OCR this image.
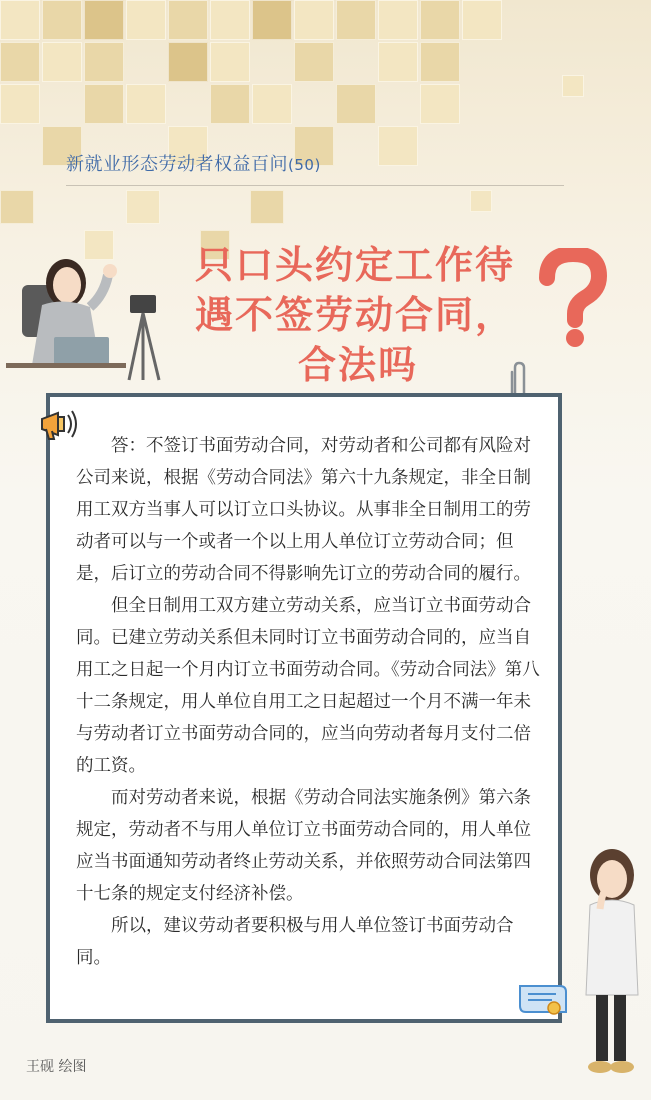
新就业形态劳动者权益百问(50)
只口头约定工作待
遇不签劳动合同，
合法吗

答：不签订书面劳动合同，对劳动者和公司都有风险对公司来说，根据《劳动合同法》第六十九条规定，非全日制用工双方当事人可以订立口头协议。从事非全日制用工的劳动者可以与一个或者一个以上用人单位订立劳动合同；但是，后订立的劳动合同不得影响先订立的劳动合同的履行。

但全日制用工双方建立劳动关系，应当订立书面劳动合同。已建立劳动关系但未同时订立书面劳动合同的，应当自用工之日起一个月内订立书面劳动合同。《劳动合同法》第八十二条规定，用人单位自用工之日起超过一个月不满一年未与劳动者订立书面劳动合同的，应当向劳动者每月支付二倍的工资。

而对劳动者来说，根据《劳动合同法实施条例》第六条规定，劳动者不与用人单位订立书面劳动合同的，用人单位应当书面通知劳动者终止劳动关系，并依照劳动合同法第四十七条的规定支付经济补偿。

所以，建议劳动者要积极与用人单位签订书面劳动合同。

王砚 绘图
